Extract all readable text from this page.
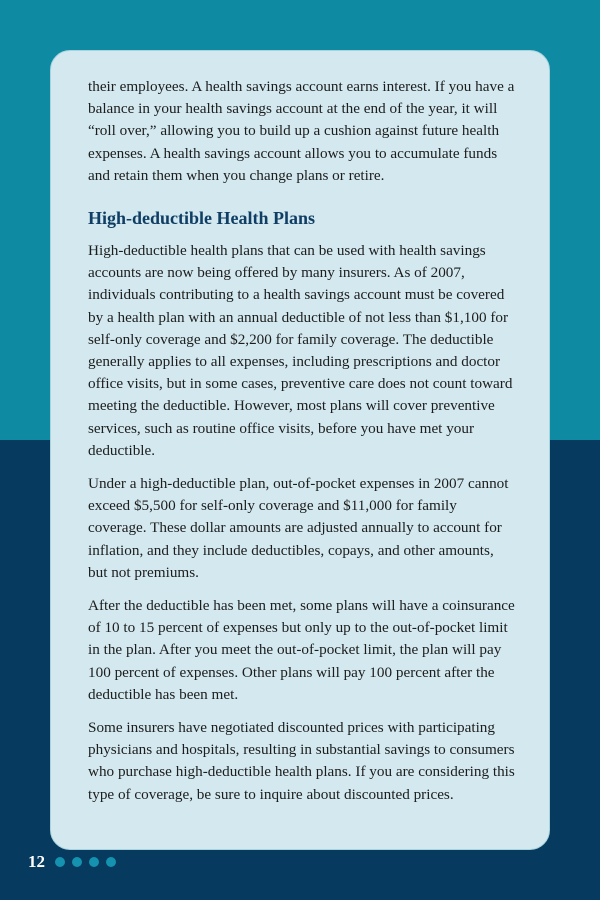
their employees. A health savings account earns interest. If you have a balance in your health savings account at the end of the year, it will “roll over,” allowing you to build up a cushion against future health expenses. A health savings account allows you to accumulate funds and retain them when you change plans or retire.

High-deductible Health Plans

High-deductible health plans that can be used with health savings accounts are now being offered by many insurers. As of 2007, individuals contributing to a health savings account must be covered by a health plan with an annual deductible of not less than $1,100 for self-only coverage and $2,200 for family coverage. The deductible generally applies to all expenses, including prescriptions and doctor office visits, but in some cases, preventive care does not count toward meeting the deductible. However, most plans will cover preventive services, such as routine office visits, before you have met your deductible.

Under a high-deductible plan, out-of-pocket expenses in 2007 cannot exceed $5,500 for self-only coverage and $11,000 for family coverage. These dollar amounts are adjusted annually to account for inflation, and they include deductibles, copays, and other amounts, but not premiums.

After the deductible has been met, some plans will have a coinsurance of 10 to 15 percent of expenses but only up to the out-of-pocket limit in the plan. After you meet the out-of-pocket limit, the plan will pay 100 percent of expenses. Other plans will pay 100 percent after the deductible has been met.

Some insurers have negotiated discounted prices with participating physicians and hospitals, resulting in substantial savings to consumers who purchase high-deductible health plans. If you are considering this type of coverage, be sure to inquire about discounted prices.

12
